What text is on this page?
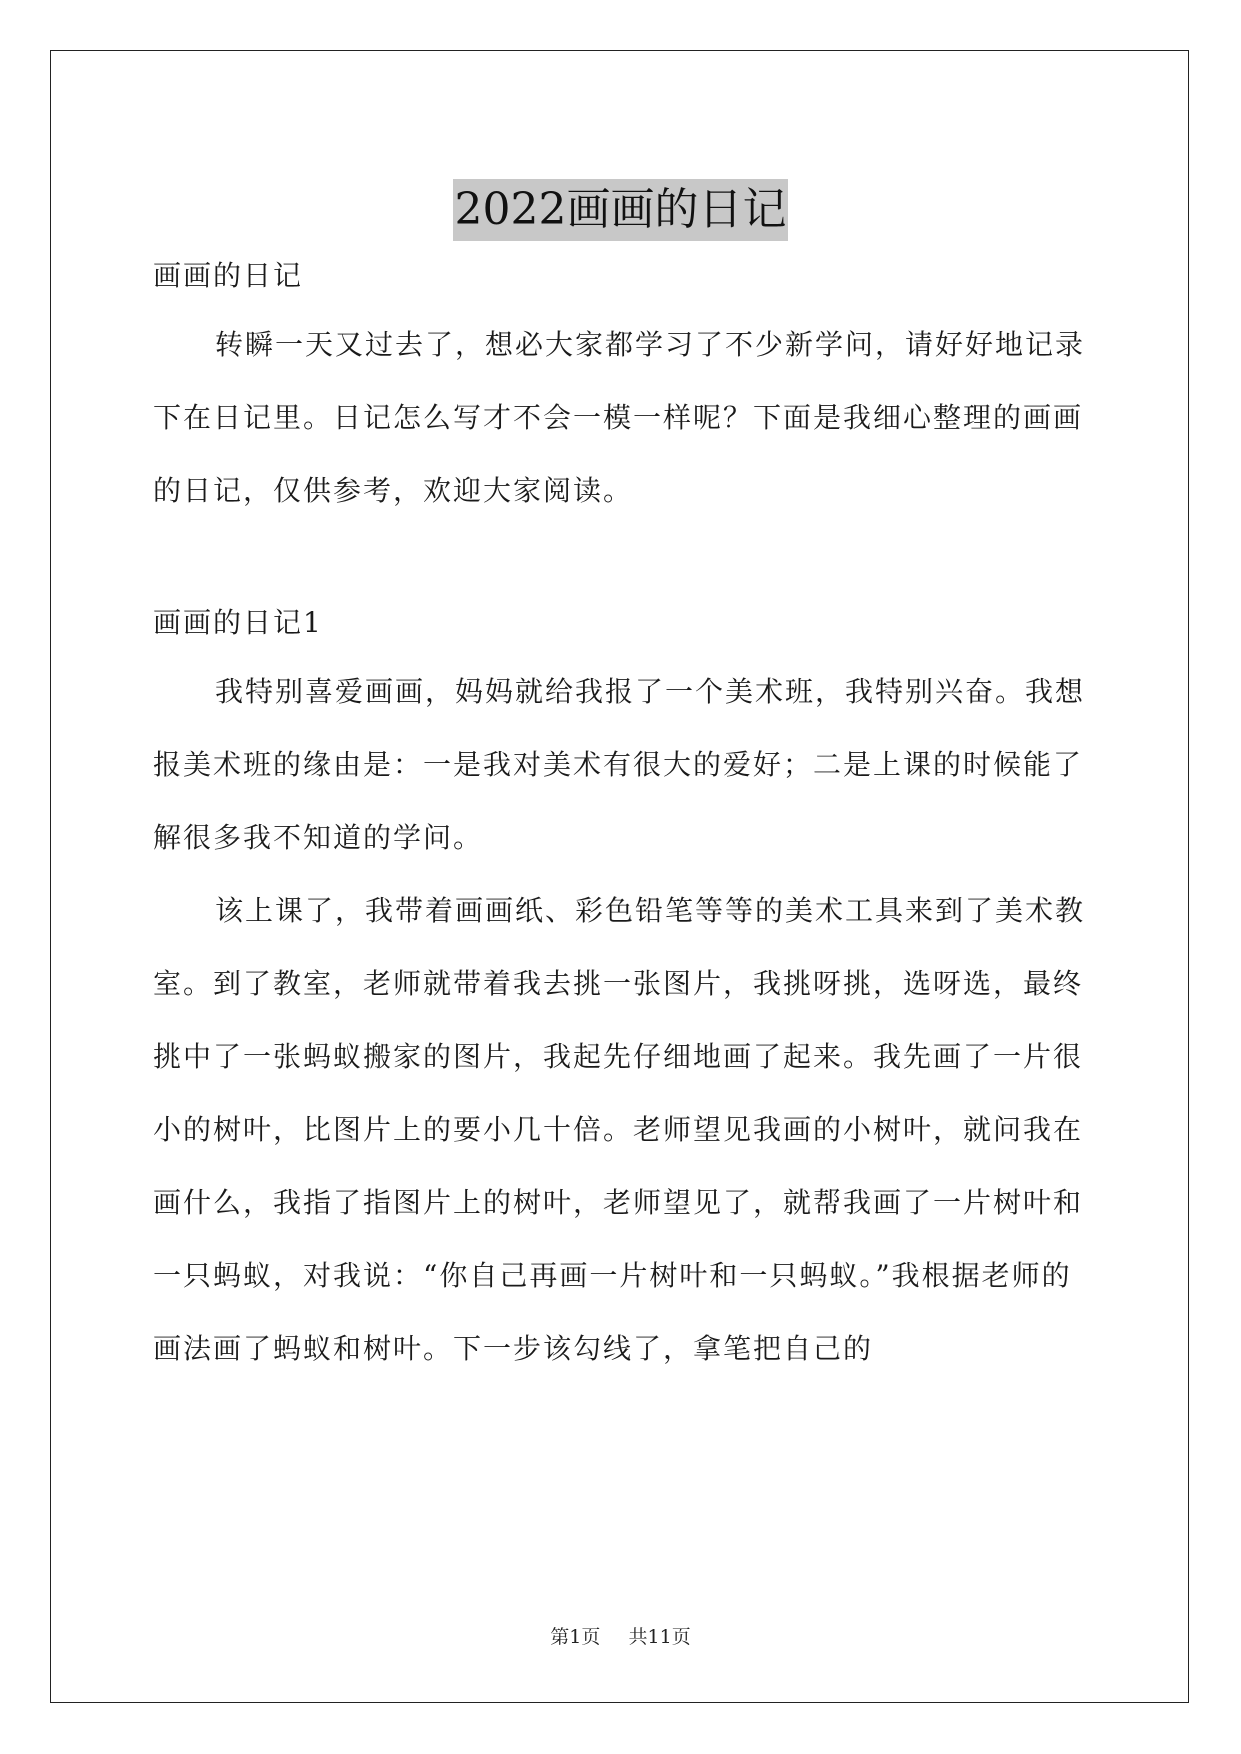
2022画画的日记

画画的日记

转瞬一天又过去了，想必大家都学习了不少新学问，请好好地记录下在日记里。日记怎么写才不会一模一样呢？下面是我细心整理的画画的日记，仅供参考，欢迎大家阅读。

画画的日记1

我特别喜爱画画，妈妈就给我报了一个美术班，我特别兴奋。我想报美术班的缘由是：一是我对美术有很大的爱好；二是上课的时候能了解很多我不知道的学问。

该上课了，我带着画画纸、彩色铅笔等等的美术工具来到了美术教室。到了教室，老师就带着我去挑一张图片，我挑呀挑，选呀选，最终挑中了一张蚂蚁搬家的图片，我起先仔细地画了起来。我先画了一片很小的树叶，比图片上的要小几十倍。老师望见我画的小树叶，就问我在画什么，我指了指图片上的树叶，老师望见了，就帮我画了一片树叶和一只蚂蚁，对我说：“你自己再画一片树叶和一只蚂蚁。”我根据老师的画法画了蚂蚁和树叶。下一步该勾线了，拿笔把自己的

第1页 共11页
